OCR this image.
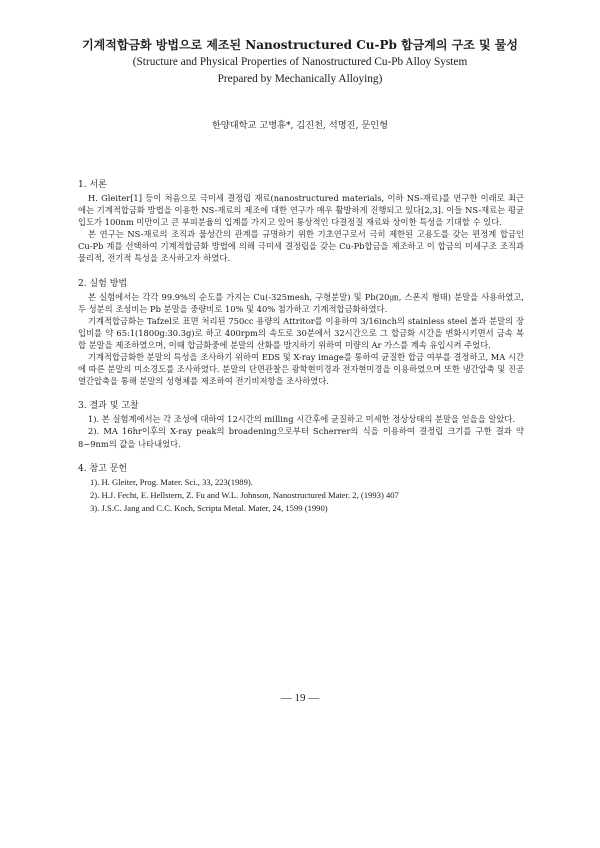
기계적합금화 방법으로 제조된 Nanostructured Cu-Pb 합금계의 구조 및 물성

(Structure and Physical Properties of Nanostructured Cu-Pb Alloy System

Prepared by Mechanically Alloying)

한양대학교 고병휴*, 김진천, 석명진, 문인형

1. 서론

H. Gleiter[1] 등이 처음으로 극미세 결정립 재료(nanostructured materials, 이하 NS-재료)를 연구한 이래로 최근에는 기계적합금화 방법을 이용한 NS-재료의 제조에 대한 연구가 매우 활발하게 진행되고 있다[2,3]. 이들 NS-재료는 평균 입도가 100nm 미만이고 큰 부피분율의 입계를 가지고 있어 통상적인 다결정질 재료와 상이한 특성을 기대할 수 있다.

본 연구는 NS-재료의 조직과 물성간의 관계를 규명하기 위한 기초연구로서 극히 제한된 고용도를 갖는 편정계 합금인 Cu-Pb 계를 선택하여 기계적합금화 방법에 의해 극미세 결정립을 갖는 Cu-Pb합금을 제조하고 이 합금의 미세구조 조직과 물리적, 전기적 특성을 조사하고자 하였다.

2. 실험 방법

본 실험에서는 각각 99.9%의 순도를 가지는 Cu(-325mesh, 구형분말) 및 Pb(20㎛, 스폰지 형태) 분말을 사용하였고, 두 성분의 조성비는 Pb 분말을 중량비로 10% 및 40% 첨가하고 기계적합금화하였다.

기계적합금화는 Tafzel로 표면 처리된 750cc 용량의 Attritor를 이용하여 3/16inch의 stainless steel 볼과 분말의 장입비를 약 65:1(1800g:30.3g)로 하고 400rpm의 속도로 30분에서 32시간으로 그 합금화 시간을 변화시키면서 금속 복합 분말을 제조하였으며, 이때 합금화중에 분말의 산화를 방지하기 위하여 미량의 Ar 가스를 계속 유입시켜 주었다.

기계적합금화한 분말의 특성을 조사하기 위하여 EDS 및 X-ray image를 통하여 균질한 합금 여부를 결정하고, MA 시간에 따른 분말의 미소경도를 조사하였다. 분말의 단면관찰은 광학현미경과 전자현미경을 이용하였으며 또한 냉간압축 및 진공열간압축을 통해 분말의 성형체를 제조하여 전기비저항을 조사하였다.

3. 결과 및 고찰

1). 본 실험계에서는 각 조성에 대하여 12시간의 milling 시간후에 균질하고 미세한 정상상태의 분말을 얻을을 알았다.

2). MA 16hr이후의 X-ray peak의 broadening으로부터 Scherrer의 식을 이용하여 결정립 크기를 구한 결과 약 8~9nm의 값을 나타내었다.

4. 참고 문헌

1). H. Gleiter, Prog. Mater. Sci., 33, 223(1989).

2). H.J. Fecht, E. Hellstern, Z. Fu and W.L. Johnson, Nanostructured Mater. 2, (1993) 407

3). J.S.C. Jang and C.C. Koch, Scripta Metal. Mater, 24, 1599 (1990)

— 19 —
